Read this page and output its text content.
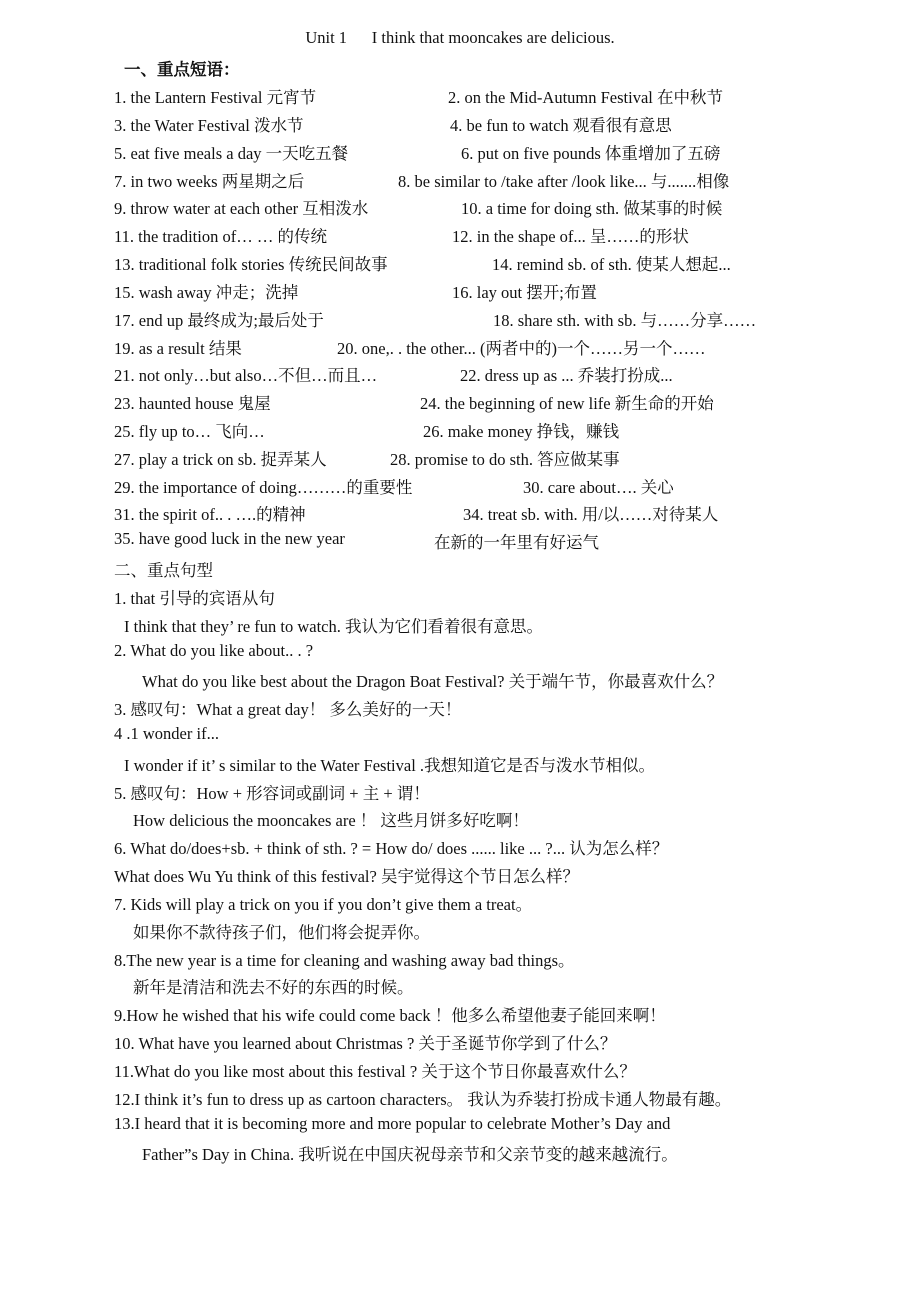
Unit 1      I think that mooncakes are delicious.
一、重点短语：
1. the Lantern Festival 元宵节	2. on the Mid-Autumn Festival 在中秋节
3. the Water Festival 泼水节	4. be fun to watch 观看很有意思
5. eat five meals a day 一天吃五餐	6. put on five pounds 体重增加了五磅
7. in two weeks 两星期之后	8. be similar to /take after /look like... 与.......相像
9. throw water at each other 互相泼水	10. a time for doing sth. 做某事的时候
11. the tradition of… … 的传统	12. in the shape of... 呈……的形状
13. traditional folk stories 传统民间故事	14. remind sb. of sth. 使某人想起...
15. wash away 冲走；洗掉	16. lay out 摆开;布置
17. end up 最终成为;最后处于	18. share sth. with sb. 与……分享……
19. as a result 结果	20. one,. . the other... (两者中的)一个……另一个……
21. not only…but also…不但…而且…	22. dress up as ... 乔装打扮成...
23. haunted house 鬼屋	24. the beginning of new life 新生命的开始
25. fly up to… 飞向…	26. make money 挣钱，赚钱
27. play a trick on sb. 捉弄某人	28. promise to do sth. 答应做某事
29. the importance of doing………的重要性	30. care about…. 关心
31. the spirit of.. . ….的精神	34. treat sb. with. 用/以……对待某人
35. have good luck in the new year	在新的一年里有好运气
二、重点句型
1. that 引导的宾语从句
I think that they’ re fun to watch. 我认为它们看着很有意思。
2. What do you like about.. . ?
What do you like best about the Dragon Boat Festival? 关于端午节，你最喜欢什么？
3. 感叹句：What a great day！ 多么美好的一天！
4 .1 wonder if...
I wonder if it’ s similar to the Water Festival .我想知道它是否与泼水节相似。
5. 感叹句：How + 形容词或副词 + 主 + 谓！
How delicious the mooncakes are ！ 这些月饼多好吃啊！
6. What do/does+sb. + think of sth. ? = How do/ does ...... like ... ?... 认为怎么样？
What does Wu Yu think of this festival? 吴宇觉得这个节日怎么样？
7. Kids will play a trick on you if you don’t give them a treat。
如果你不款待孩子们，他们将会捉弄你。
8.The new year is a time for cleaning and washing away bad things。
新年是清洁和洗去不好的东西的时候。
9.How he wished that his wife could come back ！他多么希望他妻子能回来啊！
10. What have you learned about Christmas ? 关于圣诞节你学到了什么？
11.What do you like most about this festival ? 关于这个节日你最喜欢什么？
12.I think it’s fun to dress up as cartoon characters。 我认为乔装打扮成卡通人物最有趣。
13.I heard that it is becoming more and more popular to celebrate Mother’s Day and
Father”s Day in China. 我听说在中国庆祝母亲节和父亲节变的越来越流行。
